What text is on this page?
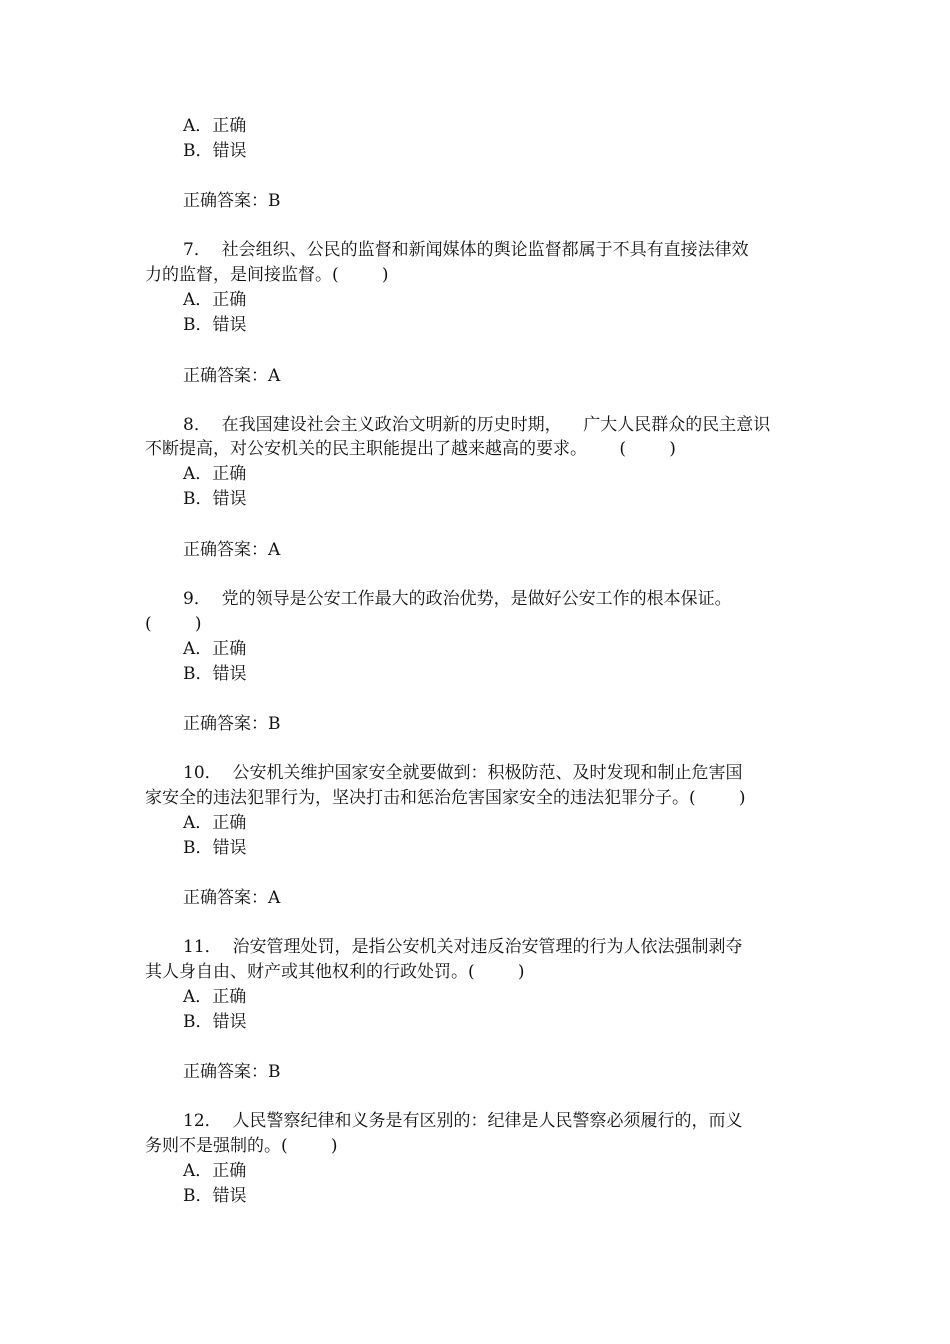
A．正确
B．错误
正确答案：B
7．  社会组织、公民的监督和新闻媒体的舆论监督都属于不具有直接法律效
力的监督，是间接监督。(        )
A．正确
B．错误
正确答案：A
8．  在我国建设社会主义政治文明新的历史时期，    广大人民群众的民主意识
不断提高，对公安机关的民主职能提出了越来越高的要求。      (        )
A．正确
B．错误
正确答案：A
9．  党的领导是公安工作最大的政治优势，是做好公安工作的根本保证。
(        )
A．正确
B．错误
正确答案：B
10．  公安机关维护国家安全就要做到：积极防范、及时发现和制止危害国
家安全的违法犯罪行为，坚决打击和惩治危害国家安全的违法犯罪分子。(        )
A．正确
B．错误
正确答案：A
11．  治安管理处罚，是指公安机关对违反治安管理的行为人依法强制剥夺
其人身自由、财产或其他权利的行政处罚。(        )
A．正确
B．错误
正确答案：B
12．  人民警察纪律和义务是有区别的：纪律是人民警察必须履行的，而义
务则不是强制的。(        )
A．正确
B．错误
